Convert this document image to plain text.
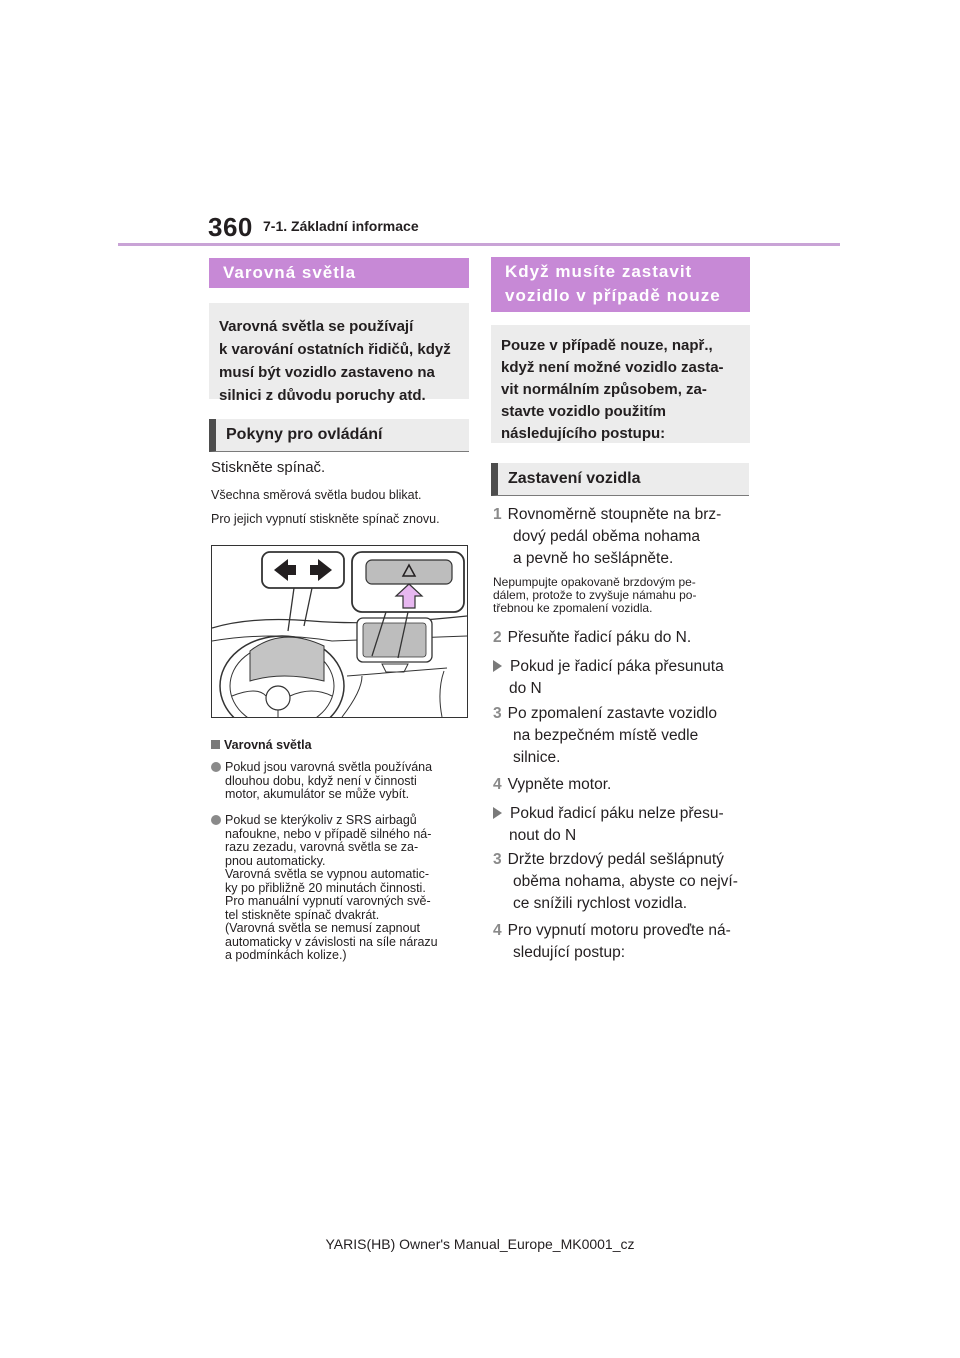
360 7-1. Základní informace
Varovná světla
Varovná světla se používají
k varování ostatních řidičů, když
musí být vozidlo zastaveno na
silnici z důvodu poruchy atd.
Pokyny pro ovládání
Stiskněte spínač.
Všechna směrová světla budou blikat.
Pro jejich vypnutí stiskněte spínač znovu.
Varovná světla
Pokud jsou varovná světla používána
dlouhou dobu, když není v činnosti
motor, akumulátor se může vybít.
Pokud se kterýkoliv z SRS airbagů
nafoukne, nebo v případě silného ná-
razu zezadu, varovná světla se za-
pnou automaticky.
Varovná světla se vypnou automatic-
ky po přibližně 20 minutách činnosti.
Pro manuální vypnutí varovných svě-
tel stiskněte spínač dvakrát.
(Varovná světla se nemusí zapnout
automaticky v závislosti na síle nárazu
a podmínkách kolize.)
Když musíte zastavit
vozidlo v případě nouze
Pouze v případě nouze, např.,
když není možné vozidlo zasta-
vit normálním způsobem, za-
stavte vozidlo použitím
následujícího postupu:
Zastavení vozidla
1 Rovnoměrně stoupněte na brz-
dový pedál oběma nohama
a pevně ho sešlápněte.
Nepumpujte opakovaně brzdovým pe-
dálem, protože to zvyšuje námahu po-
třebnou ke zpomalení vozidla.
2 Přesuňte řadicí páku do N.
Pokud je řadicí páka přesunuta
do N
3 Po zpomalení zastavte vozidlo
na bezpečném místě vedle
silnice.
4 Vypněte motor.
Pokud řadicí páku nelze přesu-
nout do N
3 Držte brzdový pedál sešlápnutý
oběma nohama, abyste co nejví-
ce snížili rychlost vozidla.
4 Pro vypnutí motoru proveďte ná-
sledující postup:
YARIS(HB) Owner's Manual_Europe_MK0001_cz
